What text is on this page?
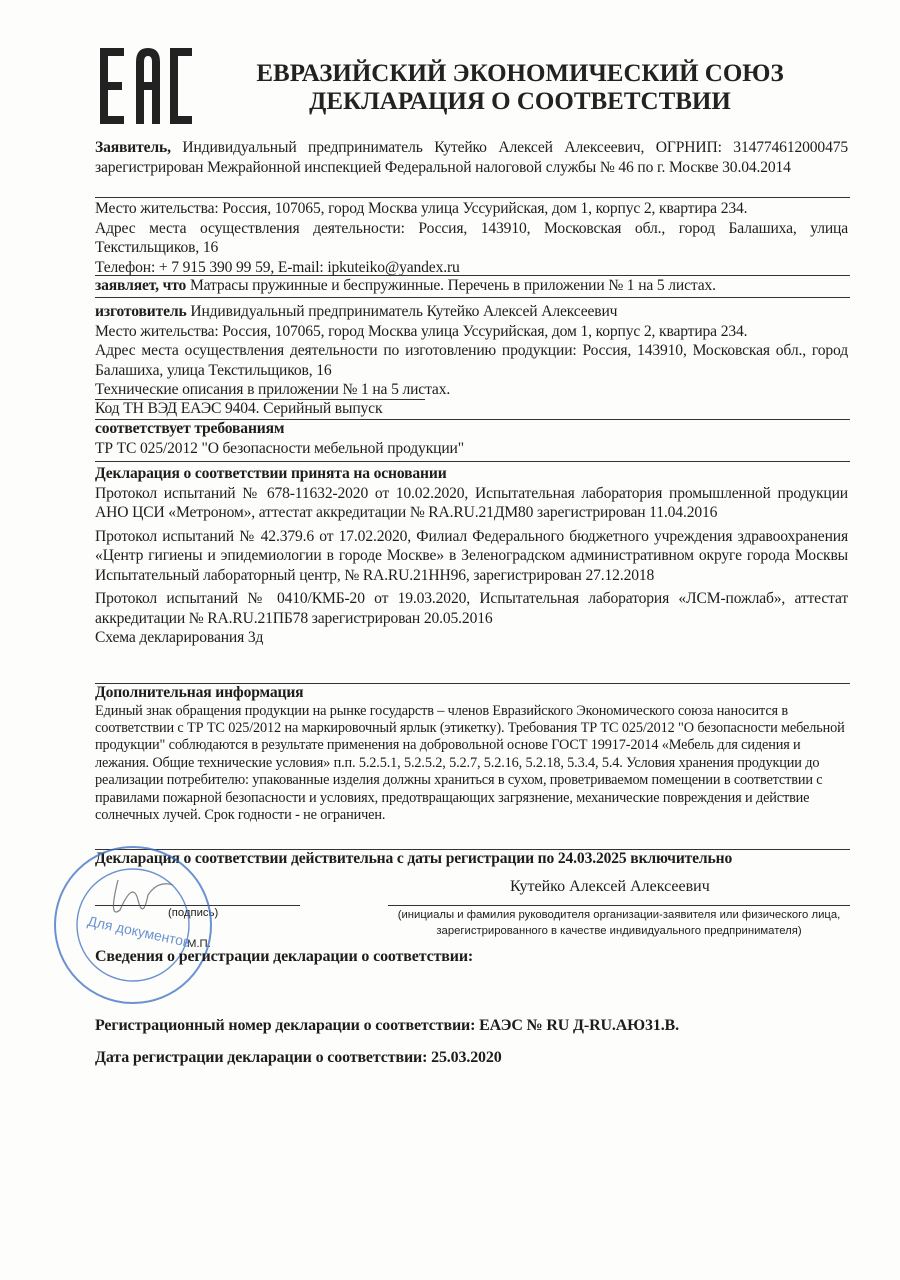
ЕВРАЗИЙСКИЙ ЭКОНОМИЧЕСКИЙ СОЮЗ
ДЕКЛАРАЦИЯ О СООТВЕТСТВИИ
Заявитель, Индивидуальный предприниматель Кутейко Алексей Алексеевич, ОГРНИП: 314774612000475 зарегистрирован Межрайонной инспекцией Федеральной налоговой службы № 46 по г. Москве 30.04.2014
Место жительства: Россия, 107065, город Москва улица Уссурийская, дом 1, корпус 2, квартира 234.
Адрес места осуществления деятельности: Россия, 143910, Московская обл., город Балашиха, улица Текстильщиков, 16
Телефон: + 7 915 390 99 59, E-mail: ipkuteiko@yandex.ru
заявляет, что Матрасы пружинные и беспружинные. Перечень в приложении № 1 на 5 листах.
изготовитель Индивидуальный предприниматель Кутейко Алексей Алексеевич
Место жительства: Россия, 107065, город Москва улица Уссурийская, дом 1, корпус 2, квартира 234.
Адрес места осуществления деятельности по изготовлению продукции: Россия, 143910, Московская обл., город Балашиха, улица Текстильщиков, 16
Технические описания в приложении № 1 на 5 листах.
Код ТН ВЭД ЕАЭС 9404. Серийный выпуск
соответствует требованиям
ТР ТС 025/2012 "О безопасности мебельной продукции"
Декларация о соответствии принята на основании
Протокол испытаний № 678-11632-2020 от 10.02.2020, Испытательная лаборатория промышленной продукции АНО ЦСИ «Метроном», аттестат аккредитации № RA.RU.21ДМ80 зарегистрирован 11.04.2016
Протокол испытаний № 42.379.6 от 17.02.2020, Филиал Федерального бюджетного учреждения здравоохранения «Центр гигиены и эпидемиологии в городе Москве» в Зеленоградском административном округе города Москвы Испытательный лабораторный центр, № RA.RU.21НН96, зарегистрирован 27.12.2018
Протокол испытаний № 0410/КМБ-20 от 19.03.2020, Испытательная лаборатория «ЛСМ-пожлаб», аттестат аккредитации № RA.RU.21ПБ78 зарегистрирован 20.05.2016
Схема декларирования 3д
Дополнительная информация
Единый знак обращения продукции на рынке государств – членов Евразийского Экономического союза наносится в соответствии с ТР ТС 025/2012 на маркировочный ярлык (этикетку). Требования ТР ТС 025/2012 "О безопасности мебельной продукции" соблюдаются в результате применения на добровольной основе ГОСТ 19917-2014 «Мебель для сидения и лежания. Общие технические условия» п.п. 5.2.5.1, 5.2.5.2, 5.2.7, 5.2.16, 5.2.18, 5.3.4, 5.4. Условия хранения продукции до реализации потребителю: упакованные изделия должны храниться в сухом, проветриваемом помещении в соответствии с правилами пожарной безопасности и условиях, предотвращающих загрязнение, механические повреждения и действие солнечных лучей. Срок годности - не ограничен.
Декларация о соответствии действительна с даты регистрации по 24.03.2025 включительно
Кутейко Алексей Алексеевич
(подпись)	(инициалы и фамилия руководителя организации-заявителя или физического лица, зарегистрированного в качестве индивидуального предпринимателя)
М.П.
Для документов
Сведения о регистрации декларации о соответствии:
Регистрационный номер декларации о соответствии: ЕАЭС № RU Д-RU.АЮ31.В.
Дата регистрации декларации о соответствии: 25.03.2020
